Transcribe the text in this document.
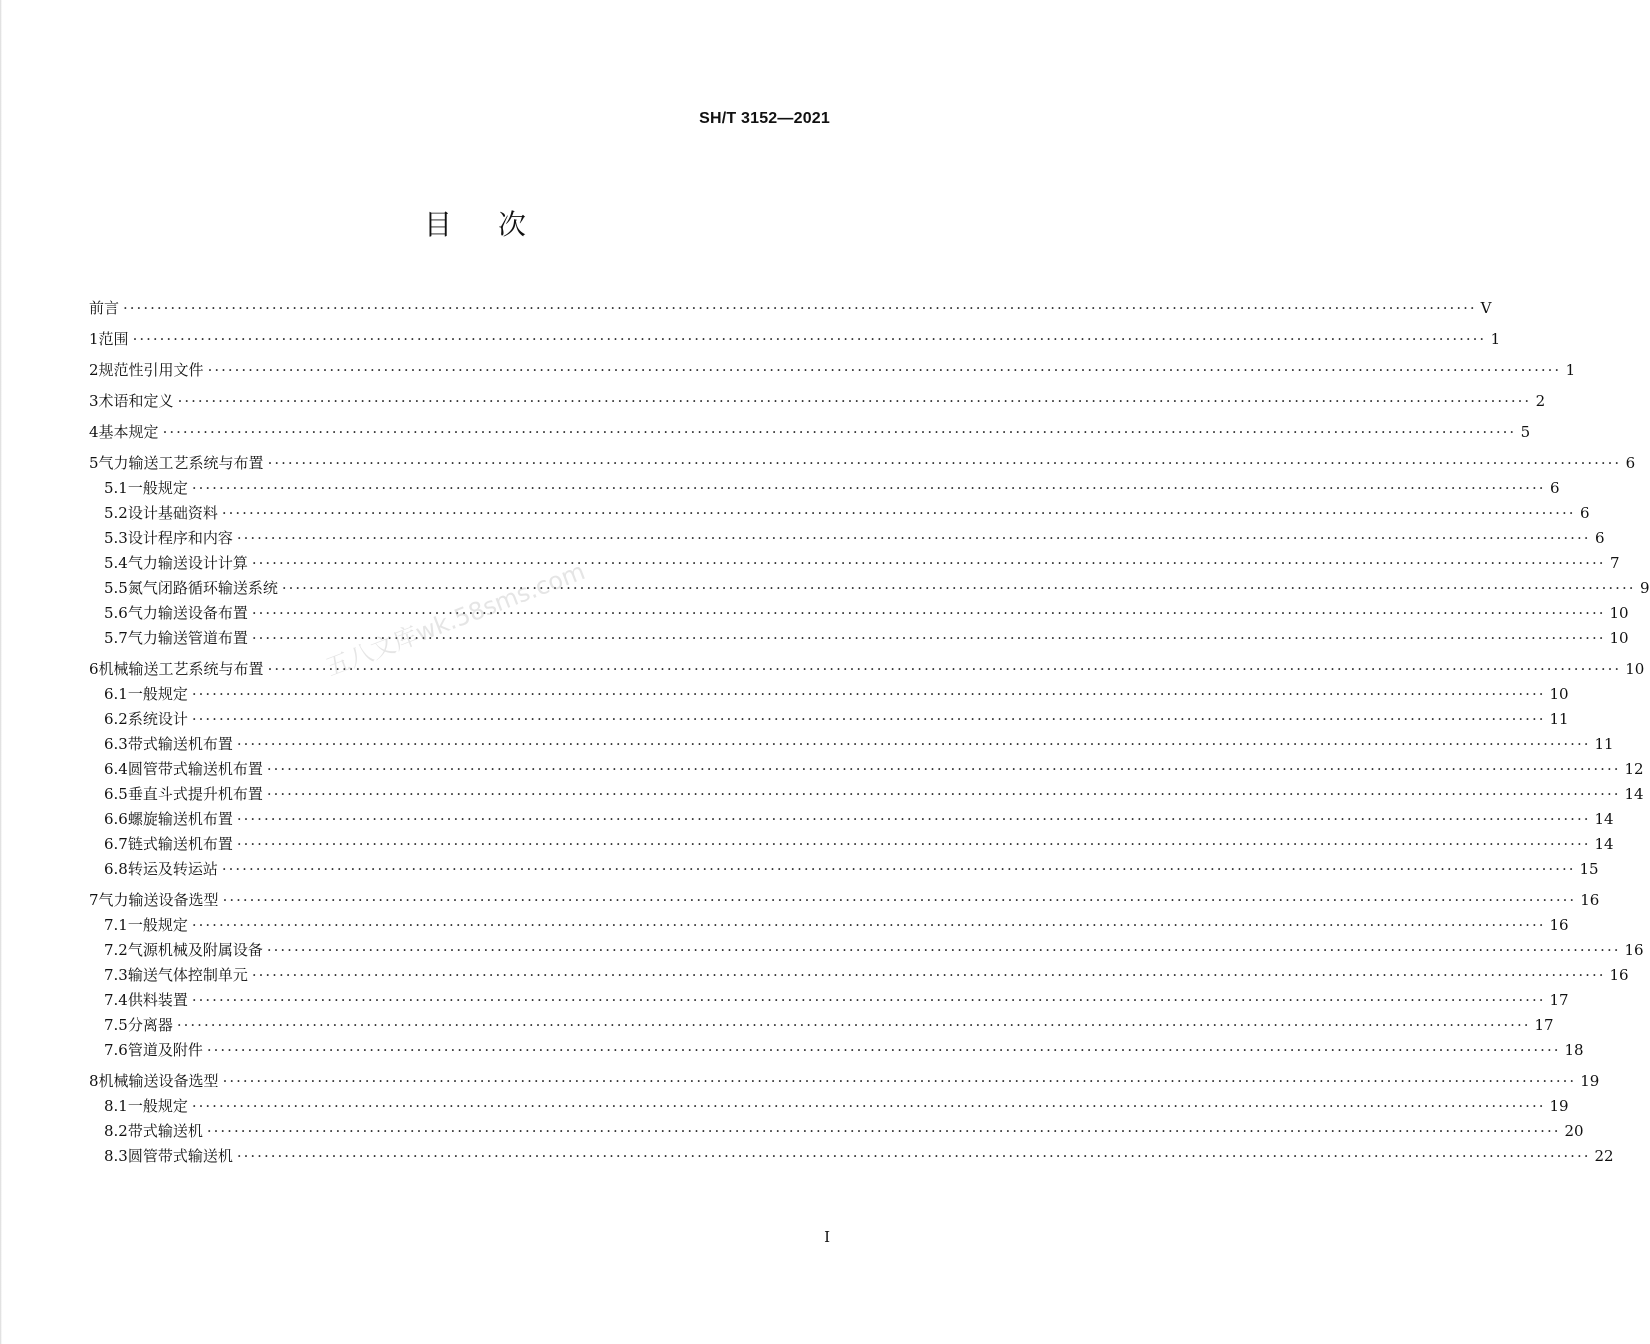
SH/T 3152—2021
目次
前言 ········································································································································································································ V
1 范围 ········································································································································································································ 1
2 规范性引用文件 ········································································································································································································ 1
3 术语和定义 ········································································································································································································ 2
4 基本规定 ········································································································································································································ 5
5 气力输送工艺系统与布置 ········································································································································································································ 6
5.1 一般规定 ········································································································································································································ 6
5.2 设计基础资料 ········································································································································································································ 6
5.3 设计程序和内容 ········································································································································································································ 6
5.4 气力输送设计计算 ········································································································································································································ 7
5.5 氮气闭路循环输送系统 ········································································································································································································ 9
5.6 气力输送设备布置 ········································································································································································································ 10
5.7 气力输送管道布置 ········································································································································································································ 10
6 机械输送工艺系统与布置 ········································································································································································································ 10
6.1 一般规定 ········································································································································································································ 10
6.2 系统设计 ········································································································································································································ 11
6.3 带式输送机布置 ········································································································································································································ 11
6.4 圆管带式输送机布置 ········································································································································································································ 12
6.5 垂直斗式提升机布置 ········································································································································································································ 14
6.6 螺旋输送机布置 ········································································································································································································ 14
6.7 链式输送机布置 ········································································································································································································ 14
6.8 转运及转运站 ········································································································································································································ 15
7 气力输送设备选型 ········································································································································································································ 16
7.1 一般规定 ········································································································································································································ 16
7.2 气源机械及附属设备 ········································································································································································································ 16
7.3 输送气体控制单元 ········································································································································································································ 16
7.4 供料装置 ········································································································································································································ 17
7.5 分离器 ········································································································································································································ 17
7.6 管道及附件 ········································································································································································································ 18
8 机械输送设备选型 ········································································································································································································ 19
8.1 一般规定 ········································································································································································································ 19
8.2 带式输送机 ········································································································································································································ 20
8.3 圆管带式输送机 ········································································································································································································ 22
五八文库wk.58sms.com
I
